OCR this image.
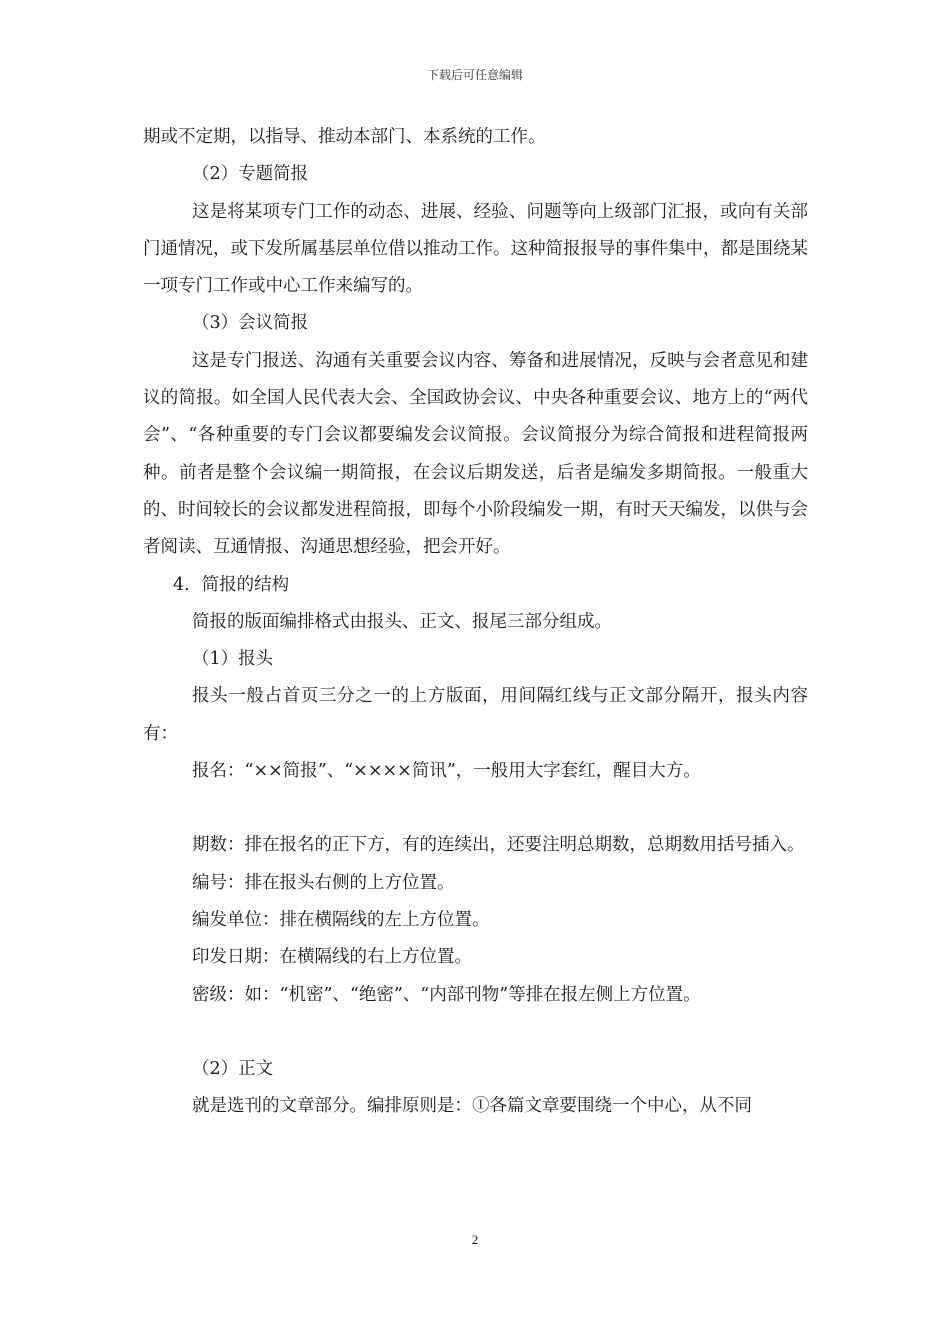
下载后可任意编辑

期或不定期，以指导、推动本部门、本系统的工作。

（2）专题简报

这是将某项专门工作的动态、进展、经验、问题等向上级部门汇报，或向有关部门通情况，或下发所属基层单位借以推动工作。这种简报报导的事件集中，都是围绕某一项专门工作或中心工作来编写的。

（3）会议简报

这是专门报送、沟通有关重要会议内容、筹备和进展情况，反映与会者意见和建议的简报。如全国人民代表大会、全国政协会议、中央各种重要会议、地方上的“两代会”、“各种重要的专门会议都要编发会议简报。会议简报分为综合简报和进程简报两种。前者是整个会议编一期简报，在会议后期发送，后者是编发多期简报。一般重大的、时间较长的会议都发进程简报，即每个小阶段编发一期，有时天天编发，以供与会者阅读、互通情报、沟通思想经验，把会开好。

4．简报的结构

简报的版面编排格式由报头、正文、报尾三部分组成。

（1）报头

报头一般占首页三分之一的上方版面，用间隔红线与正文部分隔开，报头内容有：

报名：“××简报”、“××××简讯”，一般用大字套红，醒目大方。

期数：排在报名的正下方，有的连续出，还要注明总期数，总期数用括号插入。

编号：排在报头右侧的上方位置。

编发单位：排在横隔线的左上方位置。

印发日期：在横隔线的右上方位置。

密级：如：“机密”、“绝密”、“内部刊物”等排在报左侧上方位置。

（2）正文

就是选刊的文章部分。编排原则是：①各篇文章要围绕一个中心，从不同

2
